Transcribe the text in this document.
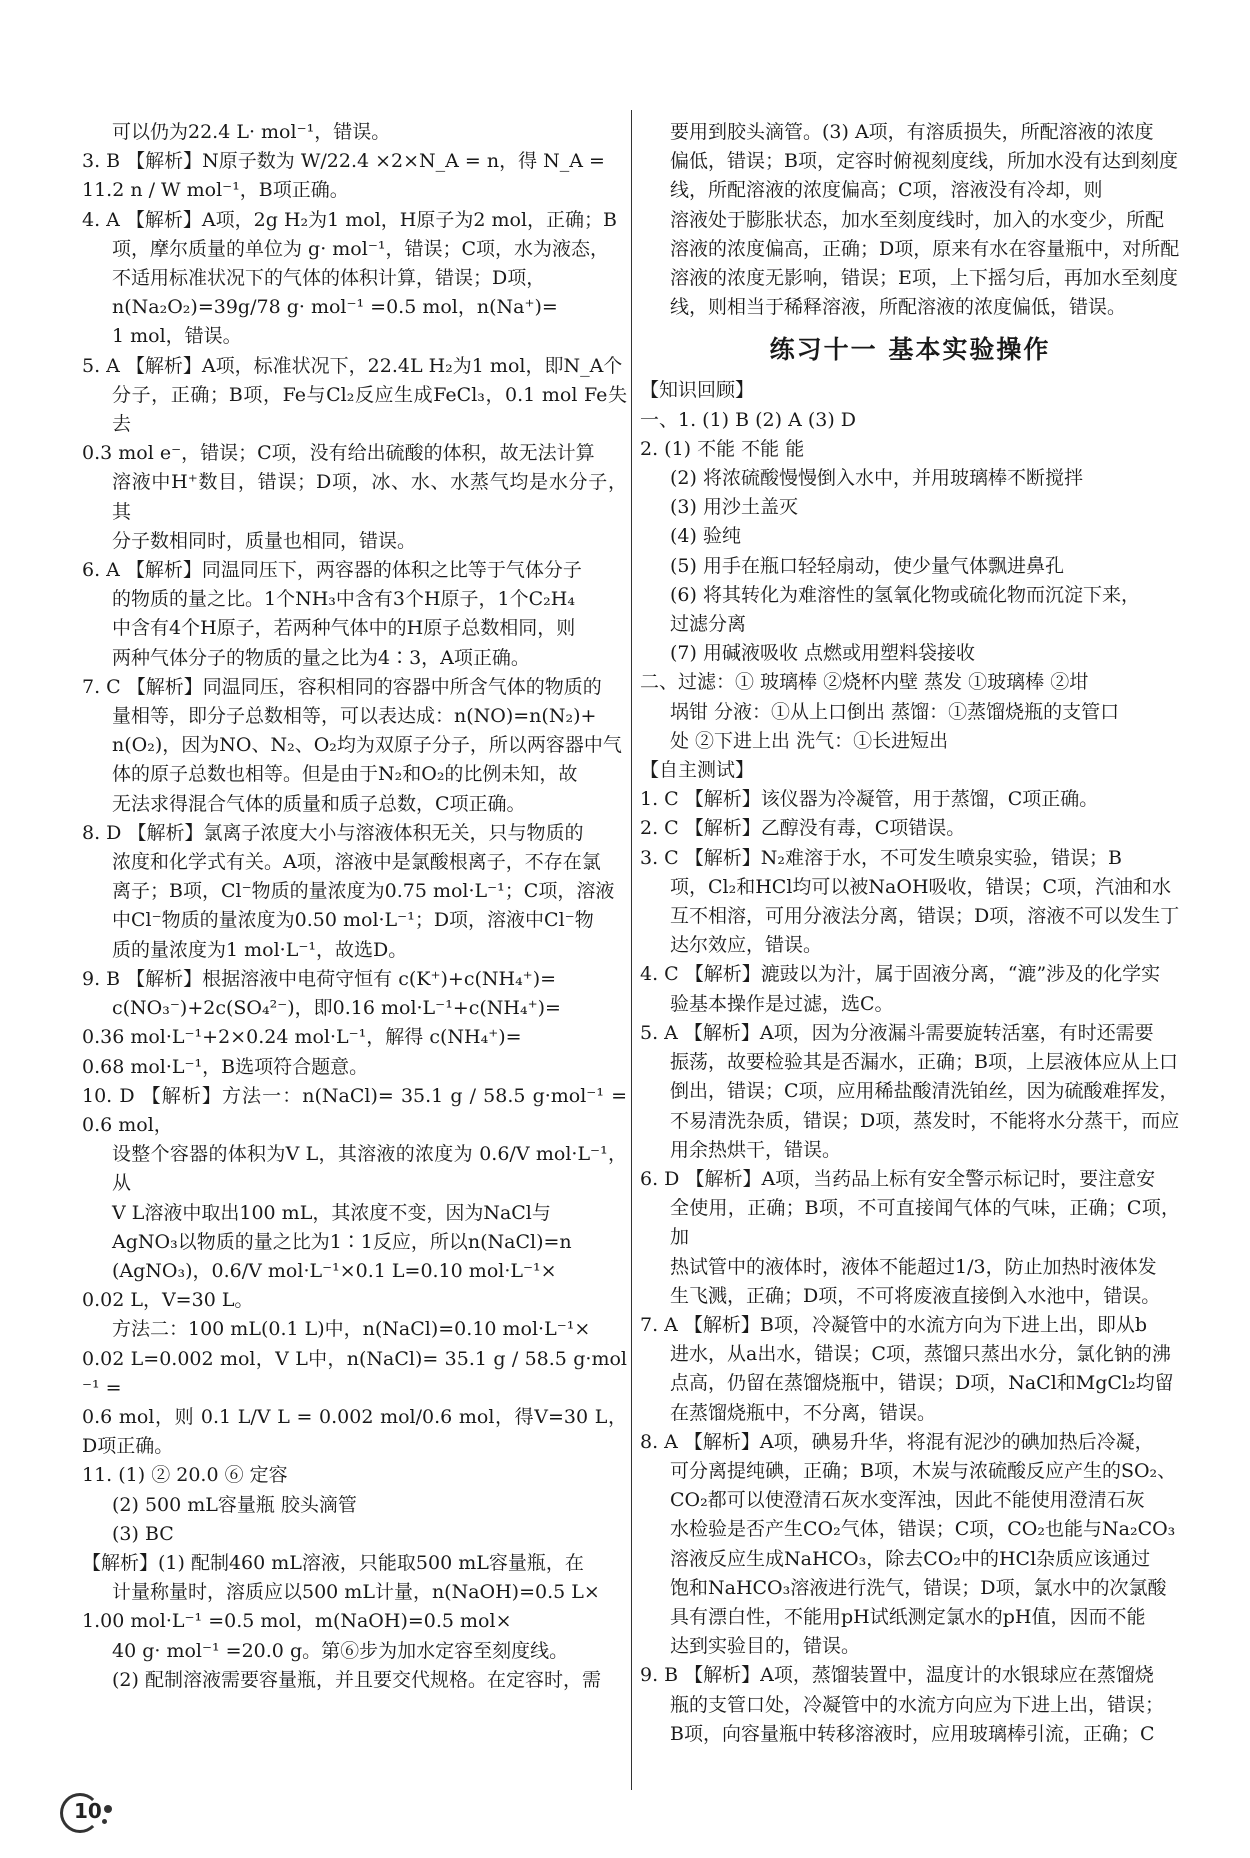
可以仍为22.4 L· mol⁻¹，错误。
3. B 【解析】N原子数为 W/22.4 ×2×N_A = n，得 N_A =
11.2 n / W mol⁻¹，B项正确。
4. A 【解析】A项，2g H₂为1 mol，H原子为2 mol，正确；B
项，摩尔质量的单位为 g· mol⁻¹，错误；C项，水为液态，
不适用标准状况下的气体的体积计算，错误；D项，
n(Na₂O₂)=39g/78 g· mol⁻¹ =0.5 mol，n(Na⁺)=
1 mol，错误。
5. A 【解析】A项，标准状况下，22.4L H₂为1 mol，即N_A个
分子，正确；B项，Fe与Cl₂反应生成FeCl₃，0.1 mol Fe失去
0.3 mol e⁻，错误；C项，没有给出硫酸的体积，故无法计算
溶液中H⁺数目，错误；D项，冰、水、水蒸气均是水分子，其
分子数相同时，质量也相同，错误。
6. A 【解析】同温同压下，两容器的体积之比等于气体分子
的物质的量之比。1个NH₃中含有3个H原子，1个C₂H₄
中含有4个H原子，若两种气体中的H原子总数相同，则
两种气体分子的物质的量之比为4∶3，A项正确。
7. C 【解析】同温同压，容积相同的容器中所含气体的物质的
量相等，即分子总数相等，可以表达成：n(NO)=n(N₂)+
n(O₂)，因为NO、N₂、O₂均为双原子分子，所以两容器中气
体的原子总数也相等。但是由于N₂和O₂的比例未知，故
无法求得混合气体的质量和质子总数，C项正确。
8. D 【解析】氯离子浓度大小与溶液体积无关，只与物质的
浓度和化学式有关。A项，溶液中是氯酸根离子，不存在氯
离子；B项，Cl⁻物质的量浓度为0.75 mol·L⁻¹；C项，溶液
中Cl⁻物质的量浓度为0.50 mol·L⁻¹；D项，溶液中Cl⁻物
质的量浓度为1 mol·L⁻¹，故选D。
9. B 【解析】根据溶液中电荷守恒有 c(K⁺)+c(NH₄⁺)=
c(NO₃⁻)+2c(SO₄²⁻)，即0.16 mol·L⁻¹+c(NH₄⁺)=
0.36 mol·L⁻¹+2×0.24 mol·L⁻¹，解得 c(NH₄⁺)=
0.68 mol·L⁻¹，B选项符合题意。
10. D 【解析】方法一：n(NaCl)= 35.1 g / 58.5 g·mol⁻¹ =0.6 mol，
设整个容器的体积为V L，其溶液的浓度为 0.6/V mol·L⁻¹，从
V L溶液中取出100 mL，其浓度不变，因为NaCl与
AgNO₃以物质的量之比为1∶1反应，所以n(NaCl)=n
(AgNO₃)，0.6/V mol·L⁻¹×0.1 L=0.10 mol·L⁻¹×
0.02 L，V=30 L。
方法二：100 mL(0.1 L)中，n(NaCl)=0.10 mol·L⁻¹×
0.02 L=0.002 mol，V L中，n(NaCl)= 35.1 g / 58.5 g·mol⁻¹ =
0.6 mol，则 0.1 L/V L = 0.002 mol/0.6 mol，得V=30 L，D项正确。
11. (1) ② 20.0 ⑥ 定容
(2) 500 mL容量瓶 胶头滴管
(3) BC
【解析】(1) 配制460 mL溶液，只能取500 mL容量瓶，在
计量称量时，溶质应以500 mL计量，n(NaOH)=0.5 L×
1.00 mol·L⁻¹ =0.5 mol，m(NaOH)=0.5 mol×
40 g· mol⁻¹ =20.0 g。第⑥步为加水定容至刻度线。
(2) 配制溶液需要容量瓶，并且要交代规格。在定容时，需
要用到胶头滴管。(3) A项，有溶质损失，所配溶液的浓度
偏低，错误；B项，定容时俯视刻度线，所加水没有达到刻度
线，所配溶液的浓度偏高；C项，溶液没有冷却，则
溶液处于膨胀状态，加水至刻度线时，加入的水变少，所配
溶液的浓度偏高，正确；D项，原来有水在容量瓶中，对所配
溶液的浓度无影响，错误；E项，上下摇匀后，再加水至刻度
线，则相当于稀释溶液，所配溶液的浓度偏低，错误。
练习十一 基本实验操作
【知识回顾】
一、1. (1) B (2) A (3) D
2. (1) 不能 不能 能
(2) 将浓硫酸慢慢倒入水中，并用玻璃棒不断搅拌
(3) 用沙土盖灭
(4) 验纯
(5) 用手在瓶口轻轻扇动，使少量气体飘进鼻孔
(6) 将其转化为难溶性的氢氧化物或硫化物而沉淀下来，
过滤分离
(7) 用碱液吸收 点燃或用塑料袋接收
二、过滤：① 玻璃棒 ②烧杯内壁 蒸发 ①玻璃棒 ②坩
埚钳 分液：①从上口倒出 蒸馏：①蒸馏烧瓶的支管口
处 ②下进上出 洗气：①长进短出
【自主测试】
1. C 【解析】该仪器为冷凝管，用于蒸馏，C项正确。
2. C 【解析】乙醇没有毒，C项错误。
3. C 【解析】N₂难溶于水，不可发生喷泉实验，错误；B
项，Cl₂和HCl均可以被NaOH吸收，错误；C项，汽油和水
互不相溶，可用分液法分离，错误；D项，溶液不可以发生丁
达尔效应，错误。
4. C 【解析】漉豉以为汁，属于固液分离，“漉”涉及的化学实
验基本操作是过滤，选C。
5. A 【解析】A项，因为分液漏斗需要旋转活塞，有时还需要
振荡，故要检验其是否漏水，正确；B项，上层液体应从上口
倒出，错误；C项，应用稀盐酸清洗铂丝，因为硫酸难挥发，
不易清洗杂质，错误；D项，蒸发时，不能将水分蒸干，而应
用余热烘干，错误。
6. D 【解析】A项，当药品上标有安全警示标记时，要注意安
全使用，正确；B项，不可直接闻气体的气味，正确；C项，加
热试管中的液体时，液体不能超过1/3，防止加热时液体发
生飞溅，正确；D项，不可将废液直接倒入水池中，错误。
7. A 【解析】B项，冷凝管中的水流方向为下进上出，即从b
进水，从a出水，错误；C项，蒸馏只蒸出水分，氯化钠的沸
点高，仍留在蒸馏烧瓶中，错误；D项，NaCl和MgCl₂均留
在蒸馏烧瓶中，不分离，错误。
8. A 【解析】A项，碘易升华，将混有泥沙的碘加热后冷凝，
可分离提纯碘，正确；B项，木炭与浓硫酸反应产生的SO₂、
CO₂都可以使澄清石灰水变浑浊，因此不能使用澄清石灰
水检验是否产生CO₂气体，错误；C项，CO₂也能与Na₂CO₃
溶液反应生成NaHCO₃，除去CO₂中的HCl杂质应该通过
饱和NaHCO₃溶液进行洗气，错误；D项，氯水中的次氯酸
具有漂白性，不能用pH试纸测定氯水的pH值，因而不能
达到实验目的，错误。
9. B 【解析】A项，蒸馏装置中，温度计的水银球应在蒸馏烧
瓶的支管口处，冷凝管中的水流方向应为下进上出，错误；
B项，向容量瓶中转移溶液时，应用玻璃棒引流，正确；C
10
